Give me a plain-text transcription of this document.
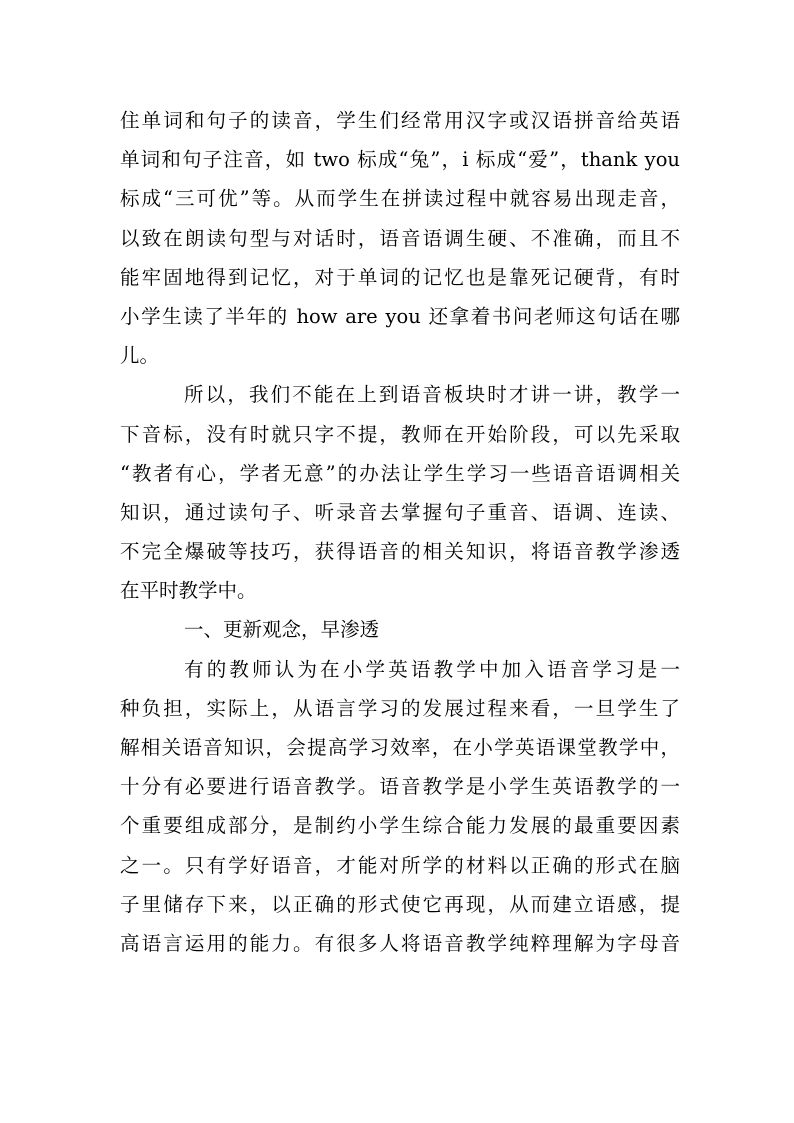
住单词和句子的读音，学生们经常用汉字或汉语拼音给英语
单词和句子注音，如 two 标成“兔”，i 标成“爱”，thank you
标成“三可优”等。从而学生在拼读过程中就容易出现走音，
以致在朗读句型与对话时，语音语调生硬、不准确，而且不
能牢固地得到记忆，对于单词的记忆也是靠死记硬背，有时
小学生读了半年的 how are you 还拿着书问老师这句话在哪
儿。
所以，我们不能在上到语音板块时才讲一讲，教学一
下音标，没有时就只字不提，教师在开始阶段，可以先采取
“教者有心，学者无意”的办法让学生学习一些语音语调相关
知识，通过读句子、听录音去掌握句子重音、语调、连读、
不完全爆破等技巧，获得语音的相关知识，将语音教学渗透
在平时教学中。
一、更新观念，早渗透
有的教师认为在小学英语教学中加入语音学习是一
种负担，实际上，从语言学习的发展过程来看，一旦学生了
解相关语音知识，会提高学习效率，在小学英语课堂教学中，
十分有必要进行语音教学。语音教学是小学生英语教学的一
个重要组成部分，是制约小学生综合能力发展的最重要因素
之一。只有学好语音，才能对所学的材料以正确的形式在脑
子里储存下来，以正确的形式使它再现，从而建立语感，提
高语言运用的能力。有很多人将语音教学纯粹理解为字母音
